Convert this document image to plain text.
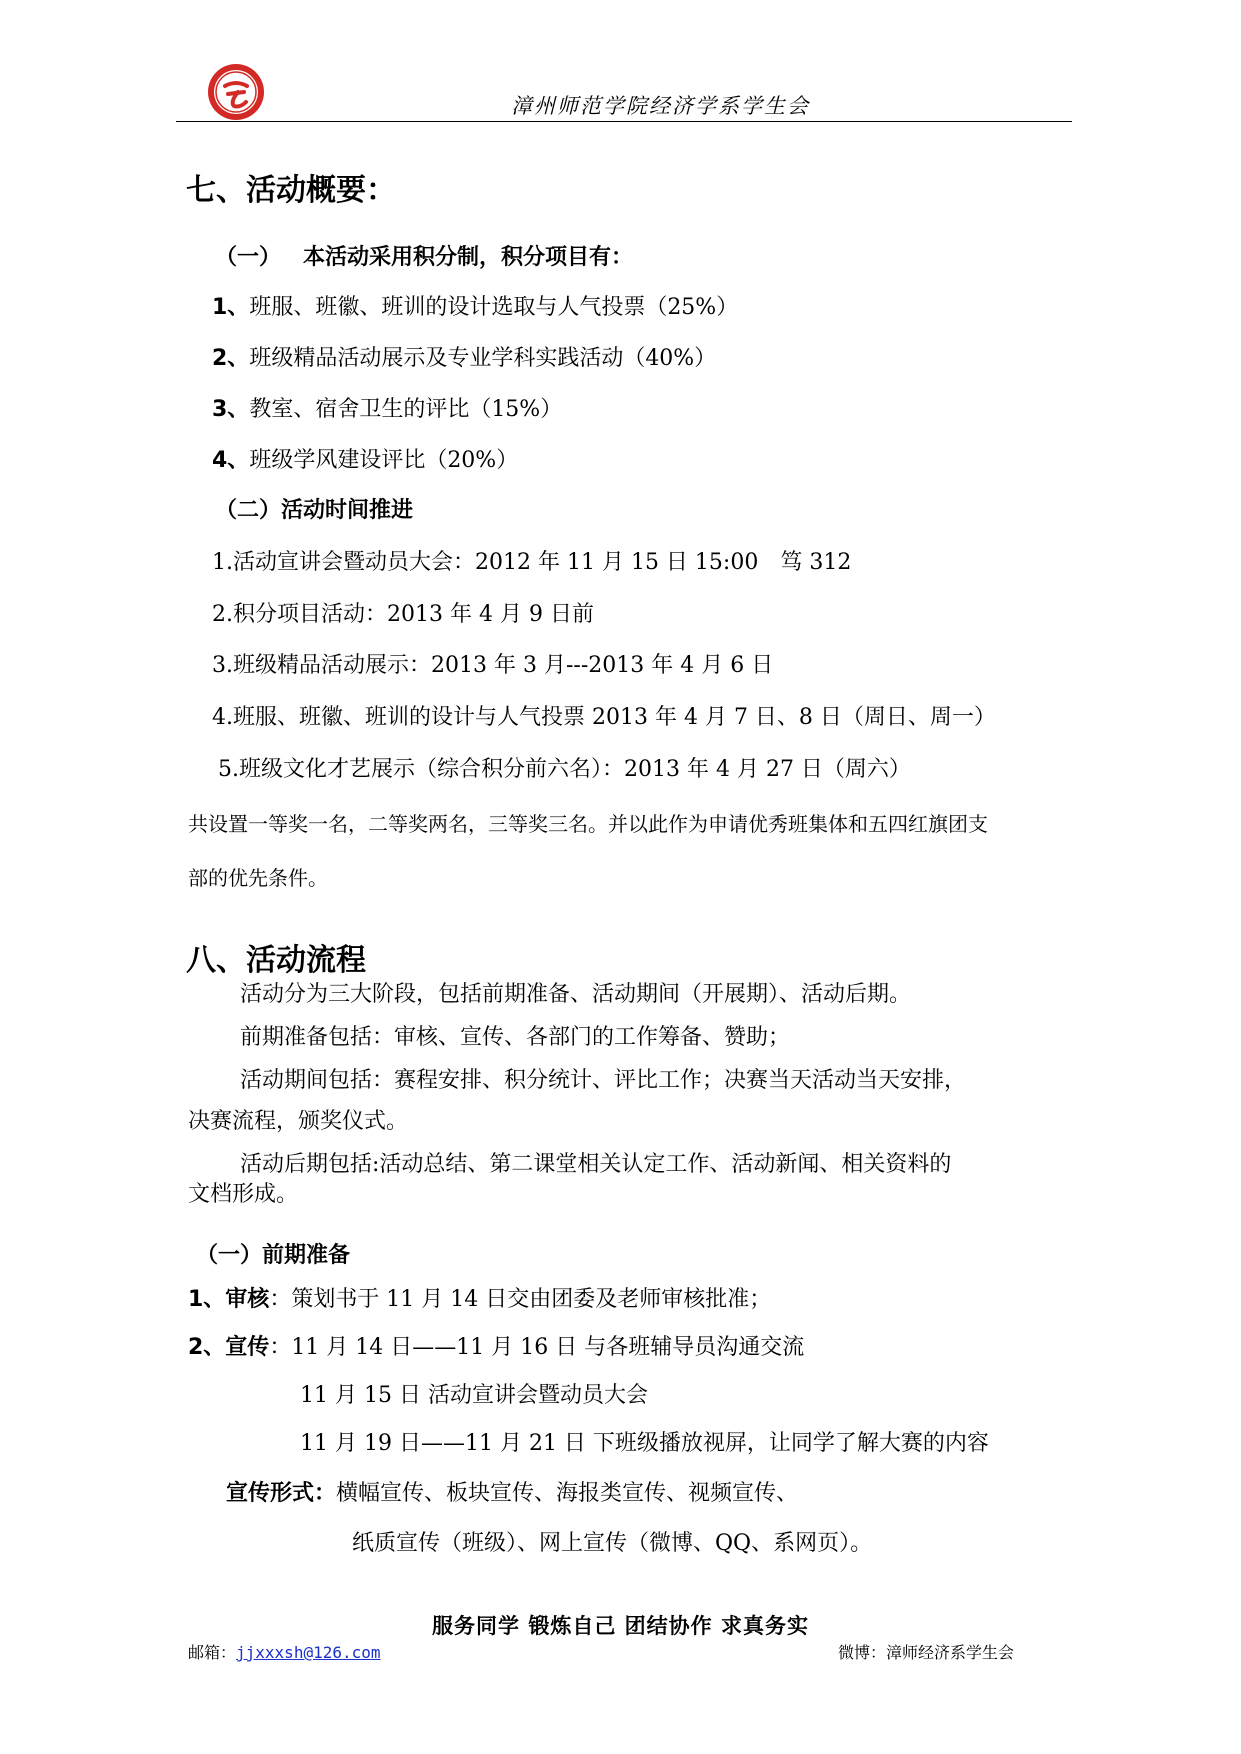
漳州师范学院经济学系学生会
七、活动概要：
（一） 本活动采用积分制，积分项目有：
1、班服、班徽、班训的设计选取与人气投票（25%）
2、班级精品活动展示及专业学科实践活动（40%）
3、教室、宿舍卫生的评比（15%）
4、班级学风建设评比（20%）
（二）活动时间推进
1.活动宣讲会暨动员大会：2012 年 11 月 15 日 15:00　笃 312
2.积分项目活动：2013 年 4 月 9 日前
3.班级精品活动展示：2013 年 3 月---2013 年 4 月 6 日
4.班服、班徽、班训的设计与人气投票 2013 年 4 月 7 日、8 日（周日、周一）
5.班级文化才艺展示（综合积分前六名）：2013 年 4 月 27 日（周六）
共设置一等奖一名，二等奖两名，三等奖三名。并以此作为申请优秀班集体和五四红旗团支
部的优先条件。
八、活动流程
活动分为三大阶段，包括前期准备、活动期间（开展期）、活动后期。
前期准备包括：审核、宣传、各部门的工作筹备、赞助；
活动期间包括：赛程安排、积分统计、评比工作；决赛当天活动当天安排，
决赛流程，颁奖仪式。
活动后期包括:活动总结、第二课堂相关认定工作、活动新闻、相关资料的
文档形成。
（一）前期准备
1、审核：策划书于 11 月 14 日交由团委及老师审核批准；
2、宣传：11 月 14 日——11 月 16 日 与各班辅导员沟通交流
11 月 15 日 活动宣讲会暨动员大会
11 月 19 日——11 月 21 日 下班级播放视屏，让同学了解大赛的内容
宣传形式：横幅宣传、板块宣传、海报类宣传、视频宣传、
纸质宣传（班级）、网上宣传（微博、QQ、系网页）。
服务同学 锻炼自己 团结协作 求真务实
邮箱：jjxxxsh@126.com	微博：漳师经济系学生会
